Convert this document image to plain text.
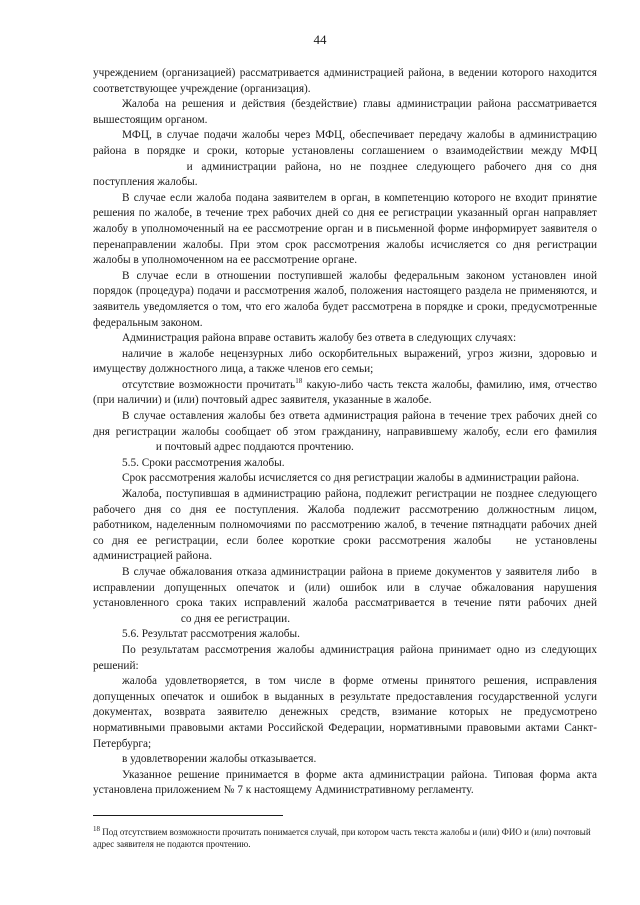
44

учреждением (организацией) рассматривается администрацией района, в ведении которого находится соответствующее учреждение (организация).

Жалоба на решения и действия (бездействие) главы администрации района рассматривается вышестоящим органом.

МФЦ, в случае подачи жалобы через МФЦ, обеспечивает передачу жалобы в администрацию района в порядке и сроки, которые установлены соглашением о взаимодействии между МФЦ и администрации района, но не позднее следующего рабочего дня со дня поступления жалобы.

В случае если жалоба подана заявителем в орган, в компетенцию которого не входит принятие решения по жалобе, в течение трех рабочих дней со дня ее регистрации указанный орган направляет жалобу в уполномоченный на ее рассмотрение орган и в письменной форме информирует заявителя о перенаправлении жалобы. При этом срок рассмотрения жалобы исчисляется со дня регистрации жалобы в уполномоченном на ее рассмотрение органе.

В случае если в отношении поступившей жалобы федеральным законом установлен иной порядок (процедура) подачи и рассмотрения жалоб, положения настоящего раздела не применяются, и заявитель уведомляется о том, что его жалоба будет рассмотрена в порядке и сроки, предусмотренные федеральным законом.

Администрация района вправе оставить жалобу без ответа в следующих случаях:

наличие в жалобе нецензурных либо оскорбительных выражений, угроз жизни, здоровью и имуществу должностного лица, а также членов его семьи;

отсутствие возможности прочитать$^{18}$ какую-либо часть текста жалобы, фамилию, имя, отчество (при наличии) и (или) почтовый адрес заявителя, указанные в жалобе.

В случае оставления жалобы без ответа администрация района в течение трех рабочих дней со дня регистрации жалобы сообщает об этом гражданину, направившему жалобу, если его фамилия и почтовый адрес поддаются прочтению.

5.5. Сроки рассмотрения жалобы.

Срок рассмотрения жалобы исчисляется со дня регистрации жалобы в администрации района.

Жалоба, поступившая в администрацию района, подлежит регистрации не позднее следующего рабочего дня со дня ее поступления. Жалоба подлежит рассмотрению должностным лицом, работником, наделенным полномочиями по рассмотрению жалоб, в течение пятнадцати рабочих дней со дня ее регистрации, если более короткие сроки рассмотрения жалобы не установлены администрацией района.

В случае обжалования отказа администрации района в приеме документов у заявителя либо в исправлении допущенных опечаток и (или) ошибок или в случае обжалования нарушения установленного срока таких исправлений жалоба рассматривается в течение пяти рабочих дней со дня ее регистрации.

5.6. Результат рассмотрения жалобы.

По результатам рассмотрения жалобы администрация района принимает одно из следующих решений:

жалоба удовлетворяется, в том числе в форме отмены принятого решения, исправления допущенных опечаток и ошибок в выданных в результате предоставления государственной услуги документах, возврата заявителю денежных средств, взимание которых не предусмотрено нормативными правовыми актами Российской Федерации, нормативными правовыми актами Санкт-Петербурга;

в удовлетворении жалобы отказывается.

Указанное решение принимается в форме акта администрации района. Типовая форма акта установлена приложением № 7 к настоящему Административному регламенту.

$^{18}$ Под отсутствием возможности прочитать понимается случай, при котором часть текста жалобы и (или) ФИО и (или) почтовый адрес заявителя не подаются прочтению.
